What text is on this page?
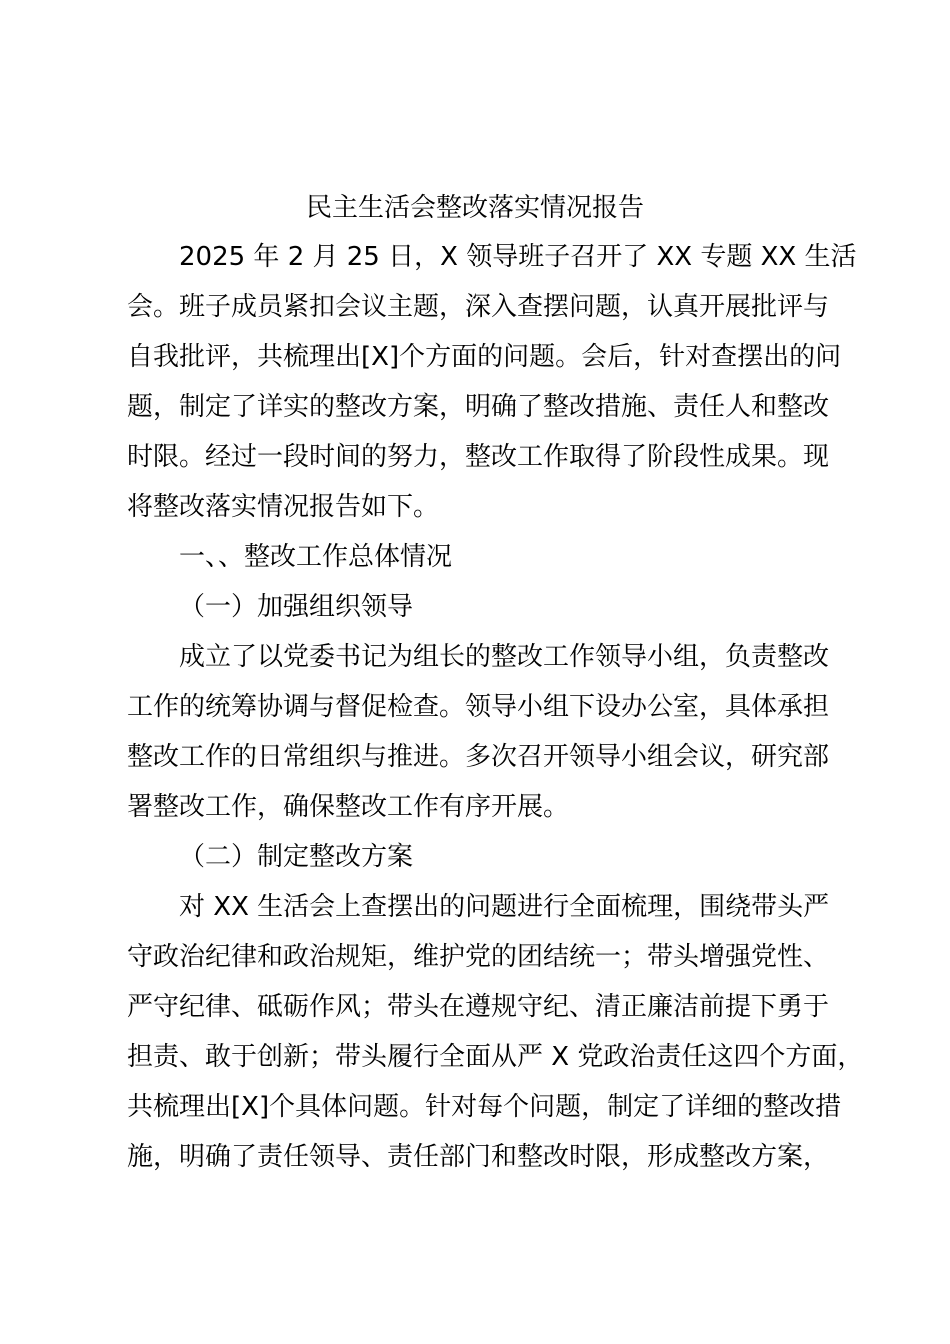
民主生活会整改落实情况报告
2025 年 2 月 25 日，X 领导班子召开了 XX 专题 XX 生活
会。班子成员紧扣会议主题，深入查摆问题，认真开展批评与
自我批评，共梳理出[X]个方面的问题。会后，针对查摆出的问
题，制定了详实的整改方案，明确了整改措施、责任人和整改
时限。经过一段时间的努力，整改工作取得了阶段性成果。现
将整改落实情况报告如下。
一、、整改工作总体情况
（一）加强组织领导
成立了以党委书记为组长的整改工作领导小组，负责整改
工作的统筹协调与督促检查。领导小组下设办公室，具体承担
整改工作的日常组织与推进。多次召开领导小组会议，研究部
署整改工作，确保整改工作有序开展。
（二）制定整改方案
对 XX 生活会上查摆出的问题进行全面梳理，围绕带头严
守政治纪律和政治规矩，维护党的团结统一；带头增强党性、
严守纪律、砥砺作风；带头在遵规守纪、清正廉洁前提下勇于
担责、敢于创新；带头履行全面从严 X 党政治责任这四个方面，
共梳理出[X]个具体问题。针对每个问题，制定了详细的整改措
施，明确了责任领导、责任部门和整改时限，形成整改方案，
